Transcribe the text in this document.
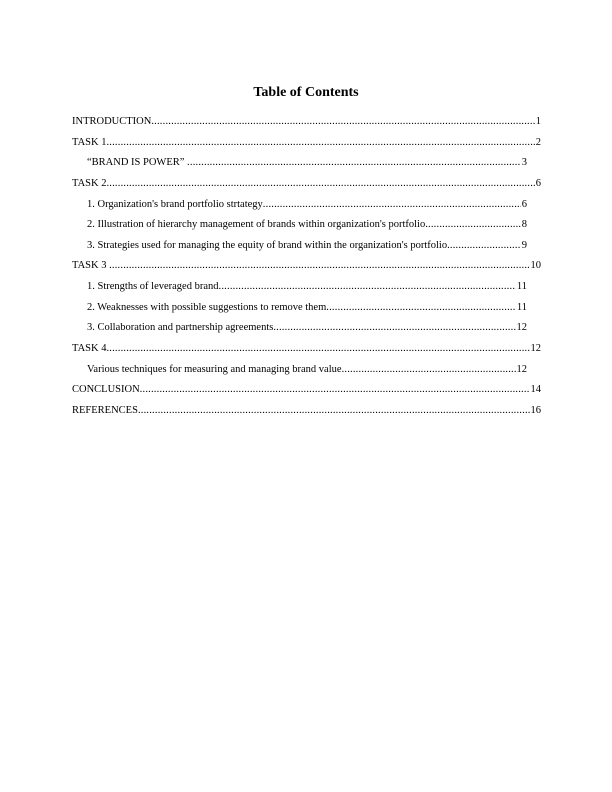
Table of Contents
INTRODUCTION .....	1
TASK 1 .....	2
“BRAND IS POWER” .....	3
TASK 2 .....	6
1. Organization's brand portfolio strtategy .....	6
2. Illustration of hierarchy management of brands within organization's portfolio .....	8
3. Strategies used for managing the equity of brand within the organization's portfolio .....	9
TASK 3 .....	10
1. Strengths of leveraged brand .....	11
2. Weaknesses with possible suggestions to remove them .....	11
3. Collaboration and partnership agreements .....	12
TASK 4 .....	12
Various techniques for measuring and managing brand value .....	12
CONCLUSION .....	14
REFERENCES .....	16
